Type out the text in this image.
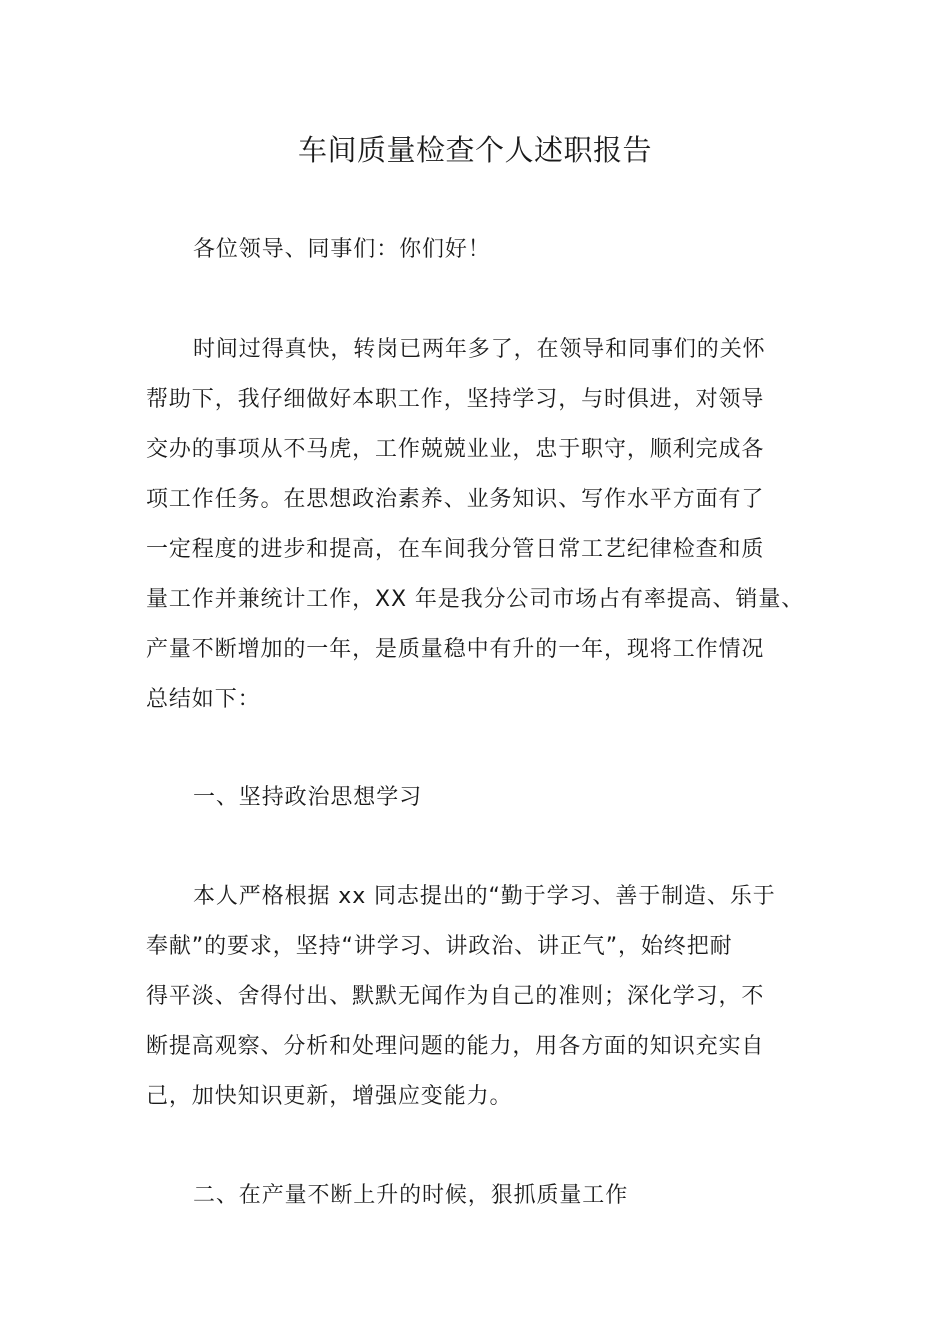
车间质量检查个人述职报告
各位领导、同事们：你们好！
时间过得真快，转岗已两年多了，在领导和同事们的关怀
帮助下，我仔细做好本职工作，坚持学习，与时俱进，对领导
交办的事项从不马虎，工作兢兢业业，忠于职守，顺利完成各
项工作任务。在思想政治素养、业务知识、写作水平方面有了
一定程度的进步和提高，在车间我分管日常工艺纪律检查和质
量工作并兼统计工作，XX 年是我分公司市场占有率提高、销量、
产量不断增加的一年，是质量稳中有升的一年，现将工作情况
总结如下：
一、坚持政治思想学习
本人严格根据 xx 同志提出的“勤于学习、善于制造、乐于
奉献”的要求，坚持“讲学习、讲政治、讲正气”，始终把耐
得平淡、舍得付出、默默无闻作为自己的准则；深化学习，不
断提高观察、分析和处理问题的能力，用各方面的知识充实自
己，加快知识更新，增强应变能力。
二、在产量不断上升的时候，狠抓质量工作
